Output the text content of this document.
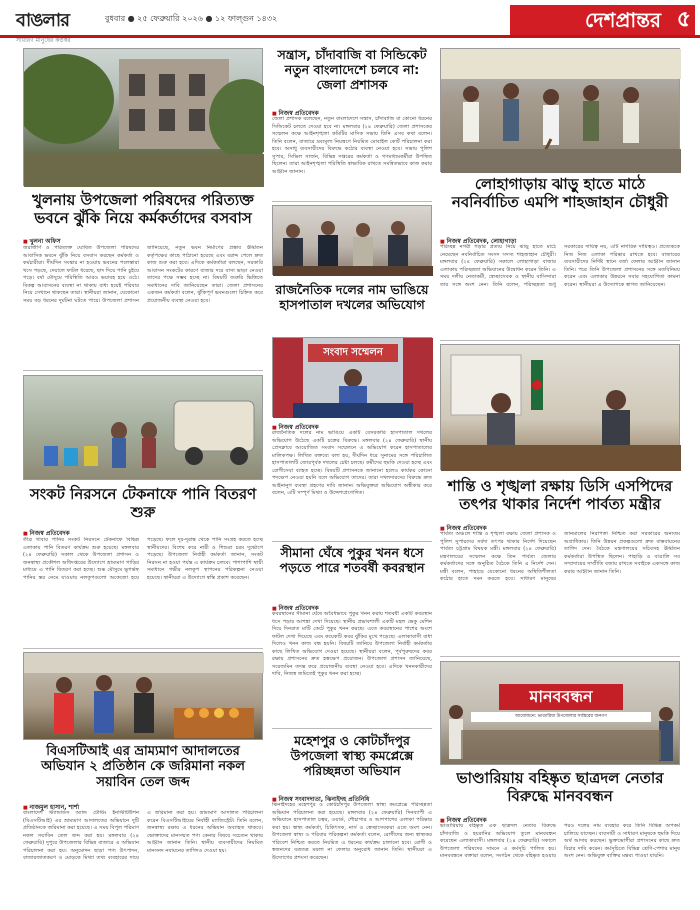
বাঙলার
সাধারণ মানুষের কণ্ঠস্বর
বুধবার ● ২৫ ফেব্রুয়ারি ২০২৬ ● ১২ ফাল্গুন ১৪৩২	দেশপ্রান্তর ৫
খুলনায় উপজেলা পরিষদের পরিত্যক্ত ভবনে ঝুঁকি নিয়ে কর্মকর্তাদের বসবাস
■ খুলনা অফিস
জরাজীর্ণ ও পরিত্যক্ত ঘোষিত উপজেলা পরিষদের আবাসিক ভবনে ঝুঁকি নিয়ে বসবাস করছেন কর্মকর্তা ও কর্মচারীরা। দীর্ঘদিন সংস্কার না হওয়ায় ভবনের পলেস্তারা খসে পড়ছে, দেয়ালে ফাটল ধরেছে, ছাদ দিয়ে পানি চুইয়ে পড়ে। বর্ষা মৌসুমে পরিস্থিতি আরও ভয়াবহ হয়ে ওঠে। বিকল্প আবাসনের ব্যবস্থা না থাকায় বাধ্য হয়েই পরিবার নিয়ে সেখানে থাকছেন তারা। স্থানীয়রা জানান, যেকোনো সময় বড় ধরনের দুর্ঘটনা ঘটতে পারে। উপজেলা প্রশাসন জানিয়েছে, নতুন ভবন নির্মাণের প্রস্তাব ঊর্ধ্বতন কর্তৃপক্ষের কাছে পাঠানো হয়েছে এবং বরাদ্দ পেলে দ্রুত কাজ শুরু করা হবে। এদিকে কর্মকর্তারা বলছেন, সরকারি আবাসন সংকটের কারণে বাজার দরে বাসা ভাড়া নেওয়া তাদের পক্ষে সম্ভব হচ্ছে না। বিষয়টি জরুরি ভিত্তিতে সমাধানের দাবি জানিয়েছেন তারা। জেলা প্রশাসনের একজন কর্মকর্তা বলেন, ঝুঁকিপূর্ণ ভবনগুলো চিহ্নিত করে প্রয়োজনীয় ব্যবস্থা নেওয়া হবে।
সংকট নিরসনে টেকনাফে পানি বিতরণ শুরু
■ নিজস্ব প্রতিবেদক
তীব্র খাবার পানির সংকট নিরসনে টেকনাফে বিভিন্ন এলাকায় পানি বিতরণ কার্যক্রম শুরু হয়েছে। মঙ্গলবার (২৪ ফেব্রুয়ারি) সকাল থেকে উপজেলা প্রশাসন ও জনস্বাস্থ্য প্রকৌশল অধিদপ্তরের উদ্যোগে ভ্রাম্যমাণ গাড়ির মাধ্যমে এ পানি বিতরণ করা হচ্ছে। শুষ্ক মৌসুমে ভূগর্ভস্থ পানির স্তর নেমে যাওয়ায় নলকূপগুলো অকেজো হয়ে পড়েছে। ফলে দূর-দূরান্ত থেকে পানি সংগ্রহ করতে হচ্ছে স্থানীয়দের। বিশেষ করে নারী ও শিশুরা চরম দুর্ভোগে পড়েছে। উপজেলা নির্বাহী কর্মকর্তা জানান, সংকট নিরসন না হওয়া পর্যন্ত এ কার্যক্রম চলবে। পাশাপাশি স্থায়ী সমাধানে গভীর নলকূপ স্থাপনের পরিকল্পনা নেওয়া হয়েছে। স্থানীয়রা এ উদ্যোগে স্বস্তি প্রকাশ করেছেন।
সন্ত্রাস, চাঁদাবাজি বা সিন্ডিকেট নতুন বাংলাদেশে চলবে না: জেলা প্রশাসক
■ নিজস্ব প্রতিবেদক
জেলা প্রশাসক বলেছেন, নতুন বাংলাদেশে সন্ত্রাস, চাঁদাবাজি বা কোনো ধরনের সিন্ডিকেট চলতে দেওয়া হবে না। মঙ্গলবার (২৪ ফেব্রুয়ারি) জেলা প্রশাসকের সম্মেলন কক্ষে আইনশৃঙ্খলা কমিটির মাসিক সভায় তিনি এসব কথা বলেন। তিনি বলেন, বাজারে দ্রব্যমূল্য নিয়ন্ত্রণে নিয়মিত মোবাইল কোর্ট পরিচালনা করা হবে। অসাধু ব্যবসায়ীদের বিরুদ্ধে কঠোর ব্যবস্থা নেওয়া হবে। সভায় পুলিশ সুপার, সিভিল সার্জন, বিভিন্ন দপ্তরের কর্মকর্তা ও গণমাধ্যমকর্মীরা উপস্থিত ছিলেন। তারা আইনশৃঙ্খলা পরিস্থিতি স্বাভাবিক রাখতে সমন্বিতভাবে কাজ করার আহ্বান জানান।
রাজনৈতিক দলের নাম ভাঙিয়ে হাসপাতাল দখলের অভিযোগ
সংবাদ সম্মেলন
■ নিজস্ব প্রতিবেদক
রাজনৈতিক দলের নাম ভাঙিয়ে একটি বেসরকারি হাসপাতাল দখলের অভিযোগ উঠেছে একটি চক্রের বিরুদ্ধে। মঙ্গলবার (২৪ ফেব্রুয়ারি) স্থানীয় প্রেসক্লাবে আয়োজিত সংবাদ সম্মেলনে এ অভিযোগ করেন হাসপাতালের মালিকপক্ষ। লিখিত বক্তব্যে বলা হয়, দীর্ঘদিন ধরে সুনামের সঙ্গে পরিচালিত হাসপাতালটি জোরপূর্বক দখলের চেষ্টা চলছে। কর্মীদের হুমকি দেওয়া হচ্ছে এবং রোগীসেবা ব্যাহত হচ্ছে। বিষয়টি প্রশাসনকে জানানো হলেও কার্যকর কোনো পদক্ষেপ নেওয়া হয়নি বলে অভিযোগ তাদের। তারা দখলদারদের বিরুদ্ধে দ্রুত আইনানুগ ব্যবস্থা গ্রহণের দাবি জানান। অভিযুক্তরা অভিযোগ অস্বীকার করে বলেন, এটি সম্পূর্ণ মিথ্যা ও উদ্দেশ্যপ্রণোদিত।
সীমানা ঘেঁষে পুকুর খনন ধসে পড়তে পারে শতবর্ষী কবরস্থান
■ নিজস্ব প্রতিবেদক
কবরস্থানের সীমানা ঘেঁষে অবৈধভাবে পুকুর খনন করায় শতবর্ষী একটি কবরস্থান ধসে পড়ার আশঙ্কা দেখা দিয়েছে। স্থানীয় প্রভাবশালী একটি মহল ভেকু মেশিন দিয়ে দিনরাত মাটি কেটে পুকুর খনন করছে। এতে কবরস্থানের পাশের অংশে ফাটল দেখা দিয়েছে এবং কয়েকটি কবর ঝুঁকির মুখে পড়েছে। এলাকাবাসী বাধা দিলেও খনন কাজ বন্ধ হয়নি। বিষয়টি জানিয়ে উপজেলা নির্বাহী কর্মকর্তার কাছে লিখিত অভিযোগ দেওয়া হয়েছে। স্থানীয়রা বলেন, পূর্বপুরুষদের কবর রক্ষায় প্রশাসনের দ্রুত হস্তক্ষেপ প্রয়োজন। উপজেলা প্রশাসন জানিয়েছে, সরেজমিন তদন্ত করে প্রয়োজনীয় ব্যবস্থা নেওয়া হবে। এদিকে খননকারীদের দাবি, নিজস্ব জমিতেই পুকুর খনন করা হচ্ছে।
লোহাগাড়ায় ঝাড়ু হাতে মাঠে নবনির্বাচিত এমপি শাহজাহান চৌধুরী
■ নিজস্ব প্রতিবেদক, লোহাগাড়া
পরিচ্ছন্ন নগরী গড়ার প্রত্যয় নিয়ে ঝাড়ু হাতে মাঠে নেমেছেন নবনির্বাচিত সংসদ সদস্য শাহজাহান চৌধুরী। মঙ্গলবার (২৪ ফেব্রুয়ারি) সকালে লোহাগাড়া বাজার এলাকায় পরিচ্ছন্নতা অভিযানের উদ্বোধন করেন তিনি। এ সময় দলীয় নেতাকর্মী, স্বেচ্ছাসেবক ও স্থানীয় বাসিন্দারা তার সঙ্গে অংশ নেন। তিনি বলেন, পরিচ্ছন্নতা শুধু সরকারের দায়িত্ব নয়, এটি নাগরিক দায়িত্বও। প্রত্যেককে নিজ নিজ এলাকা পরিষ্কার রাখতে হবে। বাজারের ব্যবসায়ীদের নির্দিষ্ট স্থানে বর্জ্য ফেলার আহ্বান জানান তিনি। পরে তিনি উপজেলা প্রশাসনের সঙ্গে মতবিনিময় করেন এবং এলাকার উন্নয়নে সবার সহযোগিতা কামনা করেন। স্থানীয়রা এ উদ্যোগকে স্বাগত জানিয়েছেন।
শান্তি ও শৃঙ্খলা রক্ষায় ডিসি এসপিদের তৎপর থাকার নির্দেশ পার্বত্য মন্ত্রীর
■ নিজস্ব প্রতিবেদক
পার্বত্য অঞ্চলে শান্তি ও শৃঙ্খলা রক্ষায় জেলা প্রশাসক ও পুলিশ সুপারদের সর্বদা তৎপর থাকার নির্দেশ দিয়েছেন পার্বত্য চট্টগ্রাম বিষয়ক মন্ত্রী। মঙ্গলবার (২৪ ফেব্রুয়ারি) মন্ত্রণালয়ের সম্মেলন কক্ষে তিন পার্বত্য জেলার কর্মকর্তাদের সঙ্গে অনুষ্ঠিত বৈঠকে তিনি এ নির্দেশ দেন। মন্ত্রী বলেন, পাহাড়ে যেকোনো ধরনের অস্থিতিশীলতা কঠোর হাতে দমন করতে হবে। সাধারণ মানুষের জানমালের নিরাপত্তা নিশ্চিত করা সরকারের অন্যতম অগ্রাধিকার। তিনি উন্নয়ন প্রকল্পগুলো দ্রুত বাস্তবায়নের তাগিদ দেন। বৈঠকে মন্ত্রণালয়ের সচিবসহ ঊর্ধ্বতন কর্মকর্তারা উপস্থিত ছিলেন। পাহাড়ি ও বাঙালি সব সম্প্রদায়ের সম্প্রীতি বজায় রাখতে সবাইকে একসঙ্গে কাজ করার আহ্বান জানান তিনি।
বিএসটিআই এর ভ্রাম্যমাণ আদালতের অভিযান ২ প্রতিষ্ঠান কে জরিমানা নকল সয়াবিন তেল জব্দ
■ নাজমুল হাসান, শার্শা
বাংলাদেশ স্ট্যান্ডার্ডস অ্যান্ড টেস্টিং ইনস্টিটিউশন (বিএসটিআই) এর ভ্রাম্যমাণ আদালতের অভিযানে দুটি প্রতিষ্ঠানকে জরিমানা করা হয়েছে। এ সময় বিপুল পরিমাণ নকল সয়াবিন তেল জব্দ করা হয়। মঙ্গলবার (২৪ ফেব্রুয়ারি) দুপুরে উপজেলার বিভিন্ন বাজারে এ অভিযান পরিচালনা করা হয়। অনুমোদন ছাড়া পণ্য উৎপাদন, বাজারজাতকরণ ও মোড়কে মিথ্যা তথ্য ব্যবহারের দায়ে এ জরিমানা করা হয়। ভ্রাম্যমাণ আদালত পরিচালনা করেন বিএসটিআইয়ের নির্বাহী ম্যাজিস্ট্রেট। তিনি বলেন, জনস্বাস্থ্য রক্ষায় এ ধরনের অভিযান অব্যাহত থাকবে। ভোক্তাদের মানসম্মত পণ্য কেনার বিষয়ে সচেতন থাকার আহ্বান জানান তিনি। স্থানীয় ব্যবসায়ীদের নিয়মিত মানসনদ নবায়নের তাগিদও দেওয়া হয়।
মহেশপুর ও কোটচাঁদপুর উপজেলা স্বাস্থ্য কমপ্লেক্সে পরিচ্ছন্নতা অভিযান
■ নিজস্ব সংবাদদাতা, ঝিনাইদহ প্রতিনিধি
ঝিনাইদহের মহেশপুর ও কোটচাঁদপুর উপজেলা স্বাস্থ্য কমপ্লেক্সে পরিচ্ছন্নতা অভিযান পরিচালনা করা হয়েছে। মঙ্গলবার (২৪ ফেব্রুয়ারি) দিনব্যাপী এ অভিযানে হাসপাতাল চত্বর, ওয়ার্ড, শৌচাগার ও আশপাশের এলাকা পরিষ্কার করা হয়। স্বাস্থ্য কর্মকর্তা, চিকিৎসক, নার্স ও স্বেচ্ছাসেবকরা এতে অংশ নেন। উপজেলা স্বাস্থ্য ও পরিবার পরিকল্পনা কর্মকর্তা বলেন, রোগীদের জন্য স্বাস্থ্যকর পরিবেশ নিশ্চিত করতে নিয়মিত এ ধরনের কার্যক্রম চালানো হবে। রোগী ও স্বজনদের যত্রতত্র ময়লা না ফেলার অনুরোধ জানান তিনি। স্থানীয়রা এ উদ্যোগের প্রশংসা করেছেন।
মানববন্ধন
আয়োজনে: ভাণ্ডারিয়া উপজেলার সর্বস্তরের জনগণ
ভাণ্ডারিয়ায় বহিষ্কৃত ছাত্রদল নেতার বিরুদ্ধে মানববন্ধন
■ নিজস্ব প্রতিবেদক
ভাণ্ডারিয়ায় বহিষ্কৃত এক ছাত্রদল নেতার বিরুদ্ধে চাঁদাবাজি ও হয়রানির অভিযোগ তুলে মানববন্ধন করেছেন এলাকাবাসী। মঙ্গলবার (২৪ ফেব্রুয়ারি) সকালে উপজেলা পরিষদের সামনে এ কর্মসূচি পালিত হয়। মানববন্ধনে বক্তারা বলেন, সংগঠন থেকে বহিষ্কৃত হওয়ার পরও দলের নাম ব্যবহার করে তিনি বিভিন্ন অপকর্ম চালিয়ে যাচ্ছেন। ব্যবসায়ী ও সাধারণ মানুষকে হুমকি দিয়ে অর্থ আদায় করছেন। ভুক্তভোগীরা প্রশাসনের কাছে দ্রুত বিচার দাবি করেন। কর্মসূচিতে বিভিন্ন শ্রেণি-পেশার মানুষ অংশ নেন। অভিযুক্ত ব্যক্তির মন্তব্য পাওয়া যায়নি।
